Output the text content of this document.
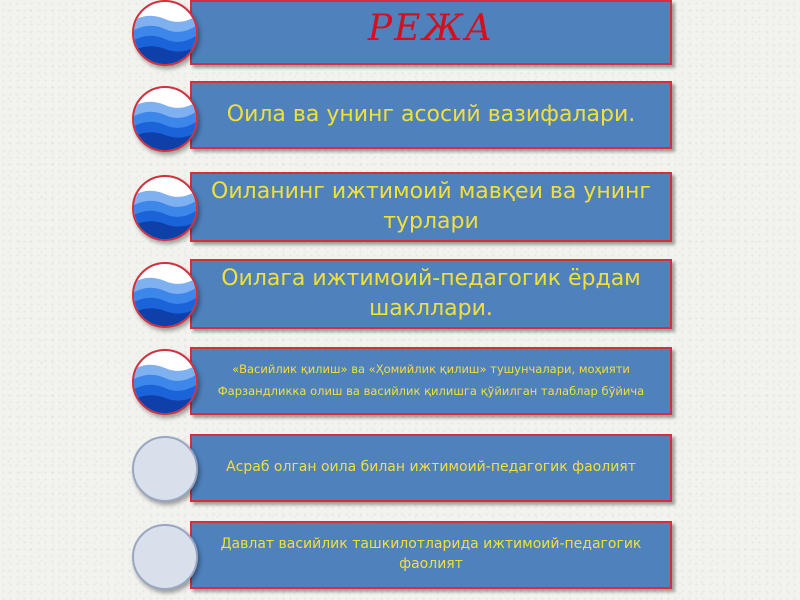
РЕЖА
Оила ва унинг асосий вазифалари.
Оиланинг ижтимоий мавқеи ва унинг турлари
Оилага ижтимоий-педагогик ёрдам шакллари.
«Васийлик қилиш» ва «Ҳомийлик қилиш» тушунчалари, моҳияти
Фарзандликка олиш ва васийлик қилишга қўйилган талаблар бўйича
Асраб олган оила билан ижтимоий-педагогик фаолият
Давлат васийлик ташкилотларида ижтимоий-педагогик фаолият
